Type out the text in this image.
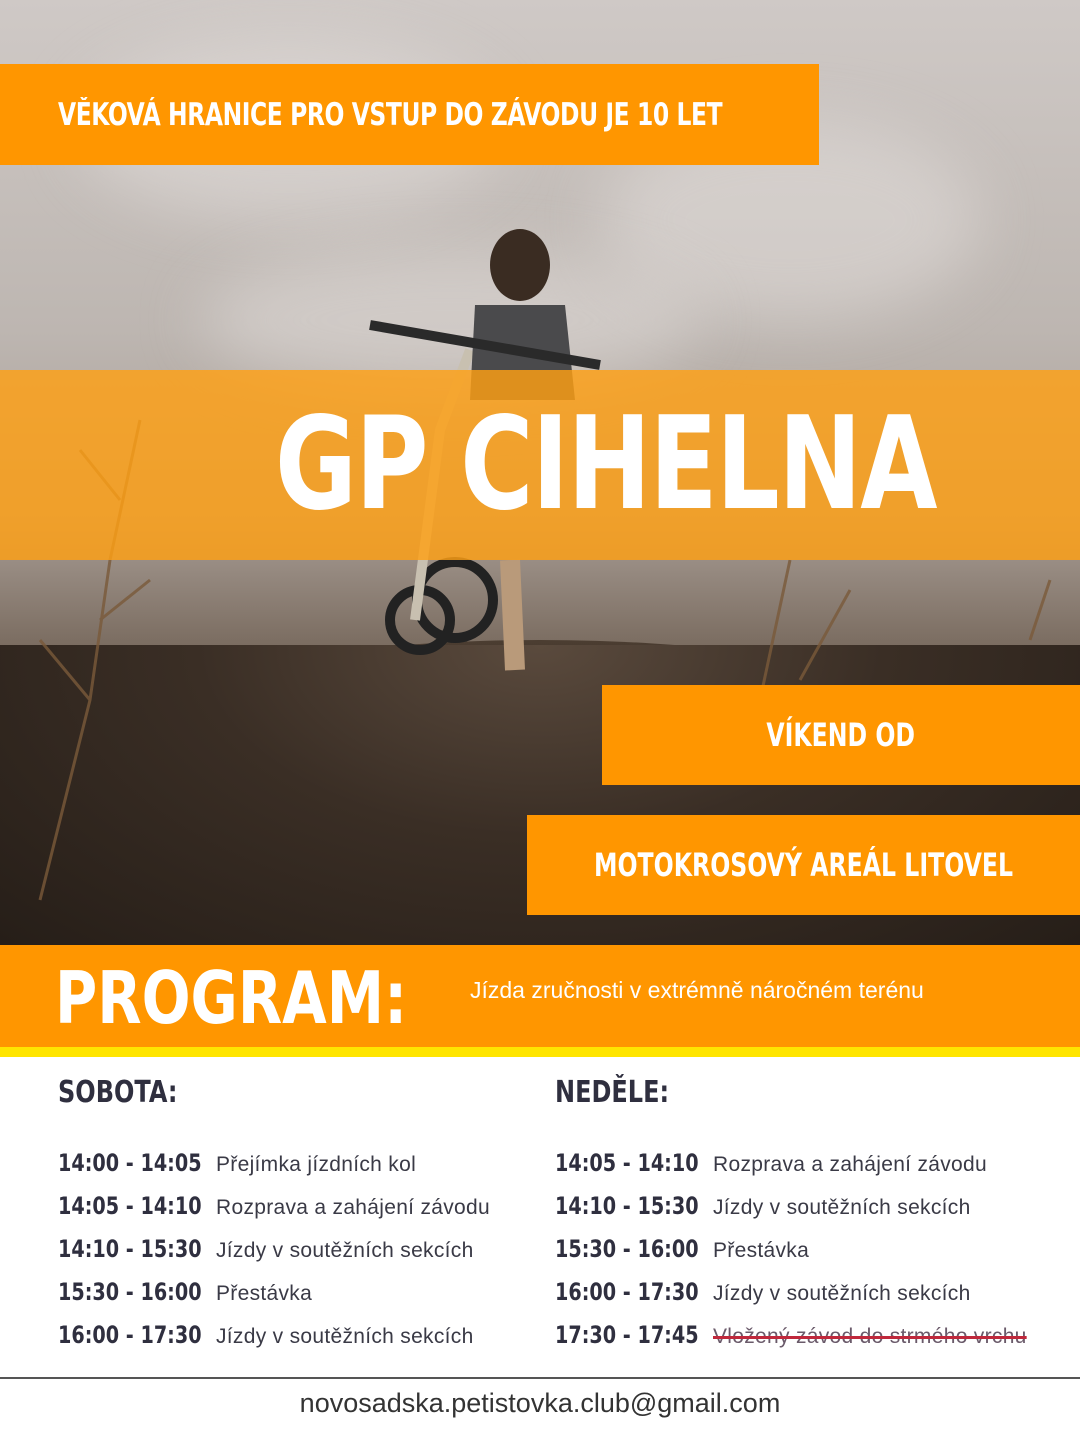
VĚKOVÁ HRANICE PRO VSTUP DO ZÁVODU JE 10 LET
GP CIHELNA
VÍKEND OD
MOTOKROSOVÝ AREÁL LITOVEL
PROGRAM:	Jízda zručnosti v extrémně náročném terénu
SOBOTA:	NEDĚLE:
14:00 - 14:05 Přejímka jízdních kol
14:05 - 14:10 Rozprava a zahájení závodu
14:10 - 15:30 Jízdy v soutěžních sekcích
15:30 - 16:00 Přestávka
16:00 - 17:30 Jízdy v soutěžních sekcích
14:05 - 14:10 Rozprava a zahájení závodu
14:10 - 15:30 Jízdy v soutěžních sekcích
15:30 - 16:00 Přestávka
16:00 - 17:30 Jízdy v soutěžních sekcích
17:30 - 17:45 Vložený závod do strmého vrchu
novosadska.petistovka.club@gmail.com
